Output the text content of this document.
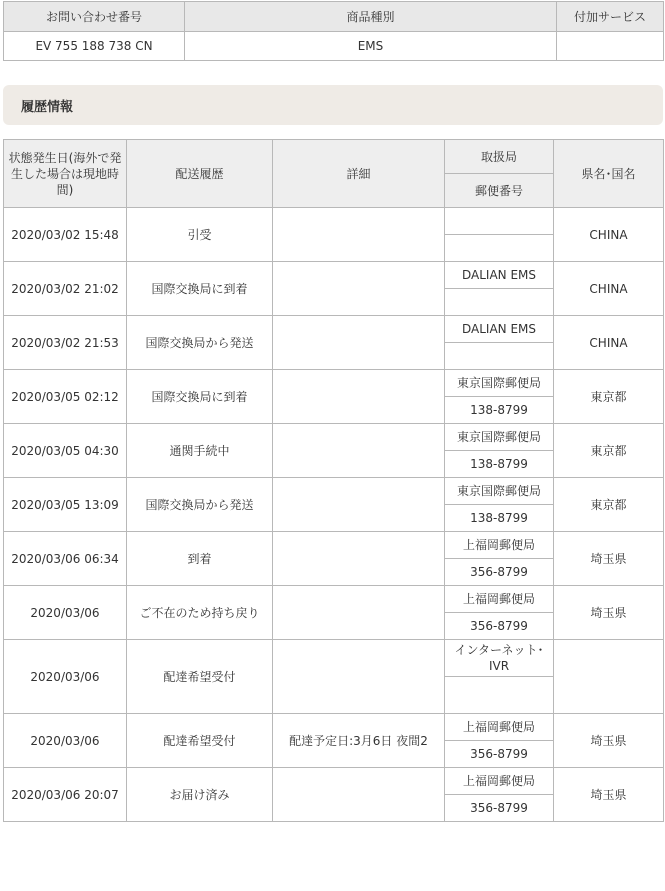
お問い合わせ番号	商品種別	付加サービス
EV 755 188 738 CN	EMS	
履歴情報
状態発生日(海外で発生した場合は現地時間)	配送履歴	詳細	取扱局	県名･国名
			郵便番号	
2020/03/02 15:48	引受			CHINA

2020/03/02 21:02	国際交換局に到着		DALIAN EMS	CHINA

2020/03/02 21:53	国際交換局から発送		DALIAN EMS	CHINA

2020/03/05 02:12	国際交換局に到着		東京国際郵便局	東京都
			138-8799	
2020/03/05 04:30	通関手続中		東京国際郵便局	東京都
			138-8799	
2020/03/05 13:09	国際交換局から発送		東京国際郵便局	東京都
			138-8799	
2020/03/06 06:34	到着		上福岡郵便局	埼玉県
			356-8799	
2020/03/06	ご不在のため持ち戻り		上福岡郵便局	埼玉県
			356-8799	
2020/03/06	配達希望受付		インターネット･IVR	

2020/03/06	配達希望受付	配達予定日:3月6日 夜間2	上福岡郵便局	埼玉県
			356-8799	
2020/03/06 20:07	お届け済み		上福岡郵便局	埼玉県
			356-8799	
